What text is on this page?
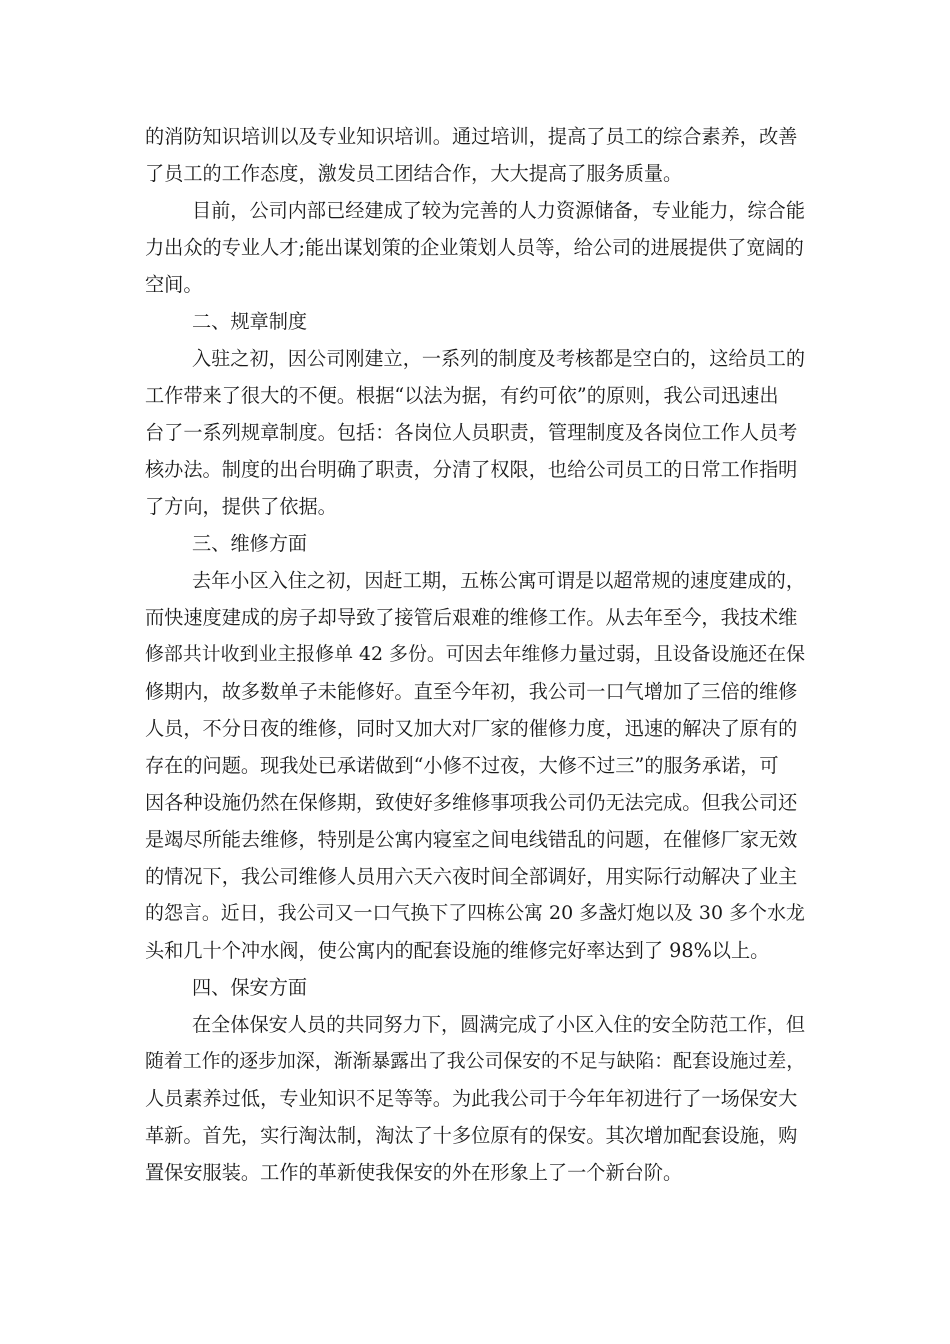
的消防知识培训以及专业知识培训。通过培训，提高了员工的综合素养，改善
了员工的工作态度，激发员工团结合作，大大提高了服务质量。
目前，公司内部已经建成了较为完善的人力资源储备，专业能力，综合能
力出众的专业人才;能出谋划策的企业策划人员等，给公司的进展提供了宽阔的
空间。
二、规章制度
入驻之初，因公司刚建立，一系列的制度及考核都是空白的，这给员工的
工作带来了很大的不便。根据“以法为据，有约可依”的原则，我公司迅速出
台了一系列规章制度。包括：各岗位人员职责，管理制度及各岗位工作人员考
核办法。制度的出台明确了职责，分清了权限，也给公司员工的日常工作指明
了方向，提供了依据。
三、维修方面
去年小区入住之初，因赶工期，五栋公寓可谓是以超常规的速度建成的，
而快速度建成的房子却导致了接管后艰难的维修工作。从去年至今，我技术维
修部共计收到业主报修单 42 多份。可因去年维修力量过弱，且设备设施还在保
修期内，故多数单子未能修好。直至今年初，我公司一口气增加了三倍的维修
人员，不分日夜的维修，同时又加大对厂家的催修力度，迅速的解决了原有的
存在的问题。现我处已承诺做到“小修不过夜，大修不过三”的服务承诺，可
因各种设施仍然在保修期，致使好多维修事项我公司仍无法完成。但我公司还
是竭尽所能去维修，特别是公寓内寝室之间电线错乱的问题，在催修厂家无效
的情况下，我公司维修人员用六天六夜时间全部调好，用实际行动解决了业主
的怨言。近日，我公司又一口气换下了四栋公寓 20 多盏灯炮以及 30 多个水龙
头和几十个冲水阀，使公寓内的配套设施的维修完好率达到了 98%以上。
四、保安方面
在全体保安人员的共同努力下，圆满完成了小区入住的安全防范工作，但
随着工作的逐步加深，渐渐暴露出了我公司保安的不足与缺陷：配套设施过差，
人员素养过低，专业知识不足等等。为此我公司于今年年初进行了一场保安大
革新。首先，实行淘汰制，淘汰了十多位原有的保安。其次增加配套设施，购
置保安服装。工作的革新使我保安的外在形象上了一个新台阶。
